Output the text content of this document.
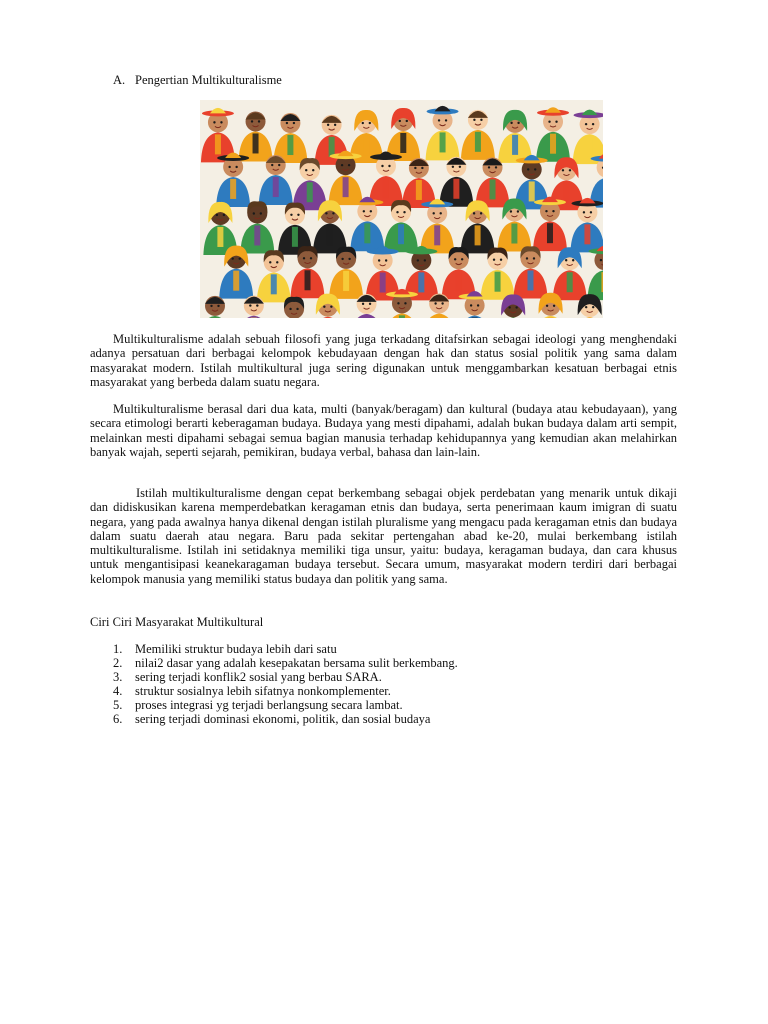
A. Pengertian Multikulturalisme

Multikulturalisme adalah sebuah filosofi yang juga terkadang ditafsirkan sebagai ideologi yang menghendaki adanya persatuan dari berbagai kelompok kebudayaan dengan hak dan status sosial politik yang sama dalam masyarakat modern. Istilah multikultural juga sering digunakan untuk menggambarkan kesatuan berbagai etnis masyarakat yang berbeda dalam suatu negara.

Multikulturalisme berasal dari dua kata, multi (banyak/beragam) dan kultural (budaya atau kebudayaan), yang secara etimologi berarti keberagaman budaya. Budaya yang mesti dipahami, adalah bukan budaya dalam arti sempit, melainkan mesti dipahami sebagai semua bagian manusia terhadap kehidupannya yang kemudian akan melahirkan banyak wajah, seperti sejarah, pemikiran, budaya verbal, bahasa dan lain-lain.

Istilah multikulturalisme dengan cepat berkembang sebagai objek perdebatan yang menarik untuk dikaji dan didiskusikan karena memperdebatkan keragaman etnis dan budaya, serta penerimaan kaum imigran di suatu negara, yang pada awalnya hanya dikenal dengan istilah pluralisme yang mengacu pada keragaman etnis dan budaya dalam suatu daerah atau negara. Baru pada sekitar pertengahan abad ke-20, mulai berkembang istilah multikulturalisme. Istilah ini setidaknya memiliki tiga unsur, yaitu: budaya, keragaman budaya, dan cara khusus untuk mengantisipasi keanekaragaman budaya tersebut. Secara umum, masyarakat modern terdiri dari berbagai kelompok manusia yang memiliki status budaya dan politik yang sama.

Ciri Ciri Masyarakat Multikultural
1. Memiliki struktur budaya lebih dari satu
2. nilai2 dasar yang adalah kesepakatan bersama sulit berkembang.
3. sering terjadi konflik2 sosial yang berbau SARA.
4. struktur sosialnya lebih sifatnya nonkomplementer.
5. proses integrasi yg terjadi berlangsung secara lambat.
6. sering terjadi dominasi ekonomi, politik, dan sosial budaya
